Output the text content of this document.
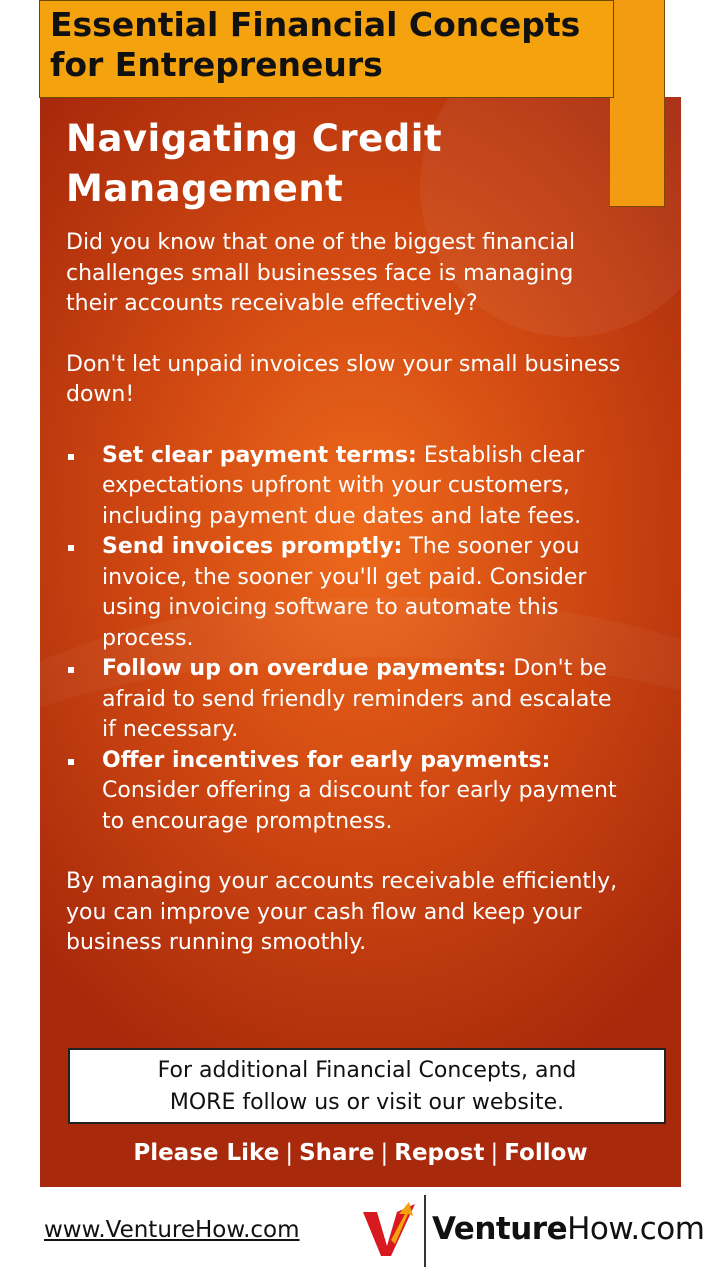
Essential Financial Concepts
for Entrepreneurs
Navigating Credit
Management

Did you know that one of the biggest financial challenges small businesses face is managing their accounts receivable effectively?

Don't let unpaid invoices slow your small business down!

Set clear payment terms: Establish clear expectations upfront with your customers, including payment due dates and late fees.
Send invoices promptly: The sooner you invoice, the sooner you'll get paid. Consider using invoicing software to automate this process.
Follow up on overdue payments: Don't be afraid to send friendly reminders and escalate if necessary.
Offer incentives for early payments: Consider offering a discount for early payment to encourage promptness.

By managing your accounts receivable efficiently, you can improve your cash flow and keep your business running smoothly.

For additional Financial Concepts, and
MORE follow us or visit our website.
Please Like | Share | Repost | Follow
www.VentureHow.com	VentureHow.com
